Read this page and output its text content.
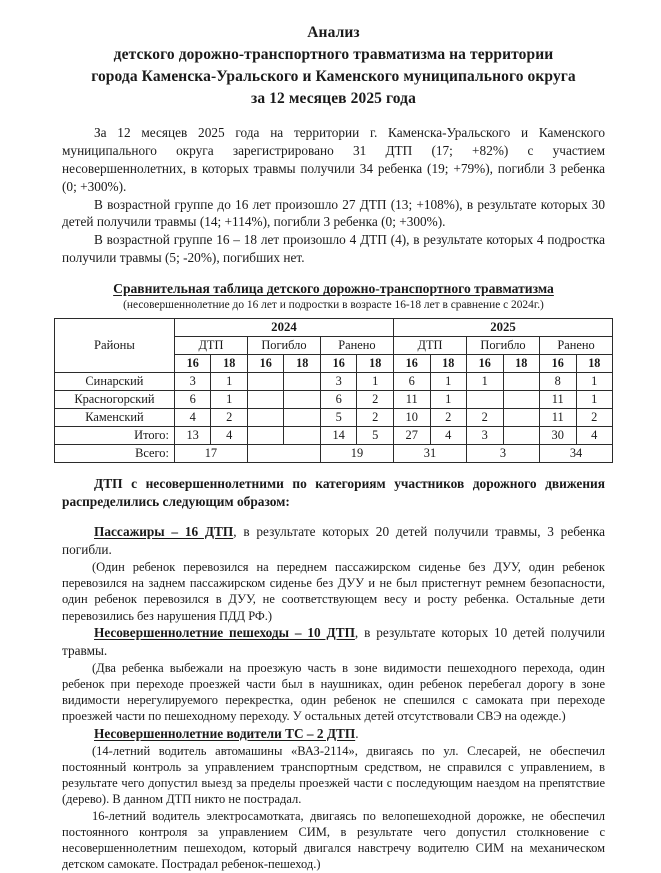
Анализ
детского дорожно-транспортного травматизма на территории
города Каменска-Уральского и Каменского муниципального округа
за 12 месяцев 2025 года

За 12 месяцев 2025 года на территории г. Каменска-Уральского и Каменского муниципального округа зарегистрировано 31 ДТП (17; +82%) с участием несовершеннолетних, в которых травмы получили 34 ребенка (19; +79%), погибли 3 ребенка (0; +300%).

В возрастной группе до 16 лет произошло 27 ДТП (13; +108%), в результате которых 30 детей получили травмы (14; +114%), погибли 3 ребенка (0; +300%).

В возрастной группе 16 – 18 лет произошло 4 ДТП (4), в результате которых 4 подростка получили травмы (5; -20%), погибших нет.

Сравнительная таблица детского дорожно-транспортного травматизма
(несовершеннолетние до 16 лет и подростки в возрасте 16-18 лет в сравнение с 2024г.)
Районы	2024						2025					
	ДТП		Погибло		Ранено		ДТП		Погибло		Ранено	
	16	18	16	18	16	18	16	18	16	18	16	18
Синарский	3	1			3	1	6	1	1		8	1
Красногорский	6	1			6	2	11	1			11	1
Каменский	4	2			5	2	10	2	2		11	2
Итого:	13	4			14	5	27	4	3		30	4
Всего:	17				19		31		3		34	

ДТП с несовершеннолетними по категориям участников дорожного движения распределились следующим образом:

Пассажиры – 16 ДТП, в результате которых 20 детей получили травмы, 3 ребенка погибли.

(Один ребенок перевозился на переднем пассажирском сиденье без ДУУ, один ребенок перевозился на заднем пассажирском сиденье без ДУУ и не был пристегнут ремнем безопасности, один ребенок перевозился в ДУУ, не соответствующем весу и росту ребенка. Остальные дети перевозились без нарушения ПДД РФ.)

Несовершеннолетние пешеходы – 10 ДТП, в результате которых 10 детей получили травмы.

(Два ребенка выбежали на проезжую часть в зоне видимости пешеходного перехода, один ребенок при переходе проезжей части был в наушниках, один ребенок перебегал дорогу в зоне видимости нерегулируемого перекрестка, один ребенок не спешился с самоката при переходе проезжей части по пешеходному переходу. У остальных детей отсутствовали СВЭ на одежде.)

Несовершеннолетние водители ТС – 2 ДТП.

(14-летний водитель автомашины «ВАЗ-2114», двигаясь по ул. Слесарей, не обеспечил постоянный контроль за управлением транспортным средством, не справился с управлением, в результате чего допустил выезд за пределы проезжей части с последующим наездом на препятствие (дерево). В данном ДТП никто не пострадал.

16-летний водитель электросамотката, двигаясь по велопешеходной дорожке, не обеспечил постоянного контроля за управлением СИМ, в результате чего допустил столкновение с несовершеннолетним пешеходом, который двигался навстречу водителю СИМ на механическом детском самокате. Пострадал ребенок-пешеход.)
